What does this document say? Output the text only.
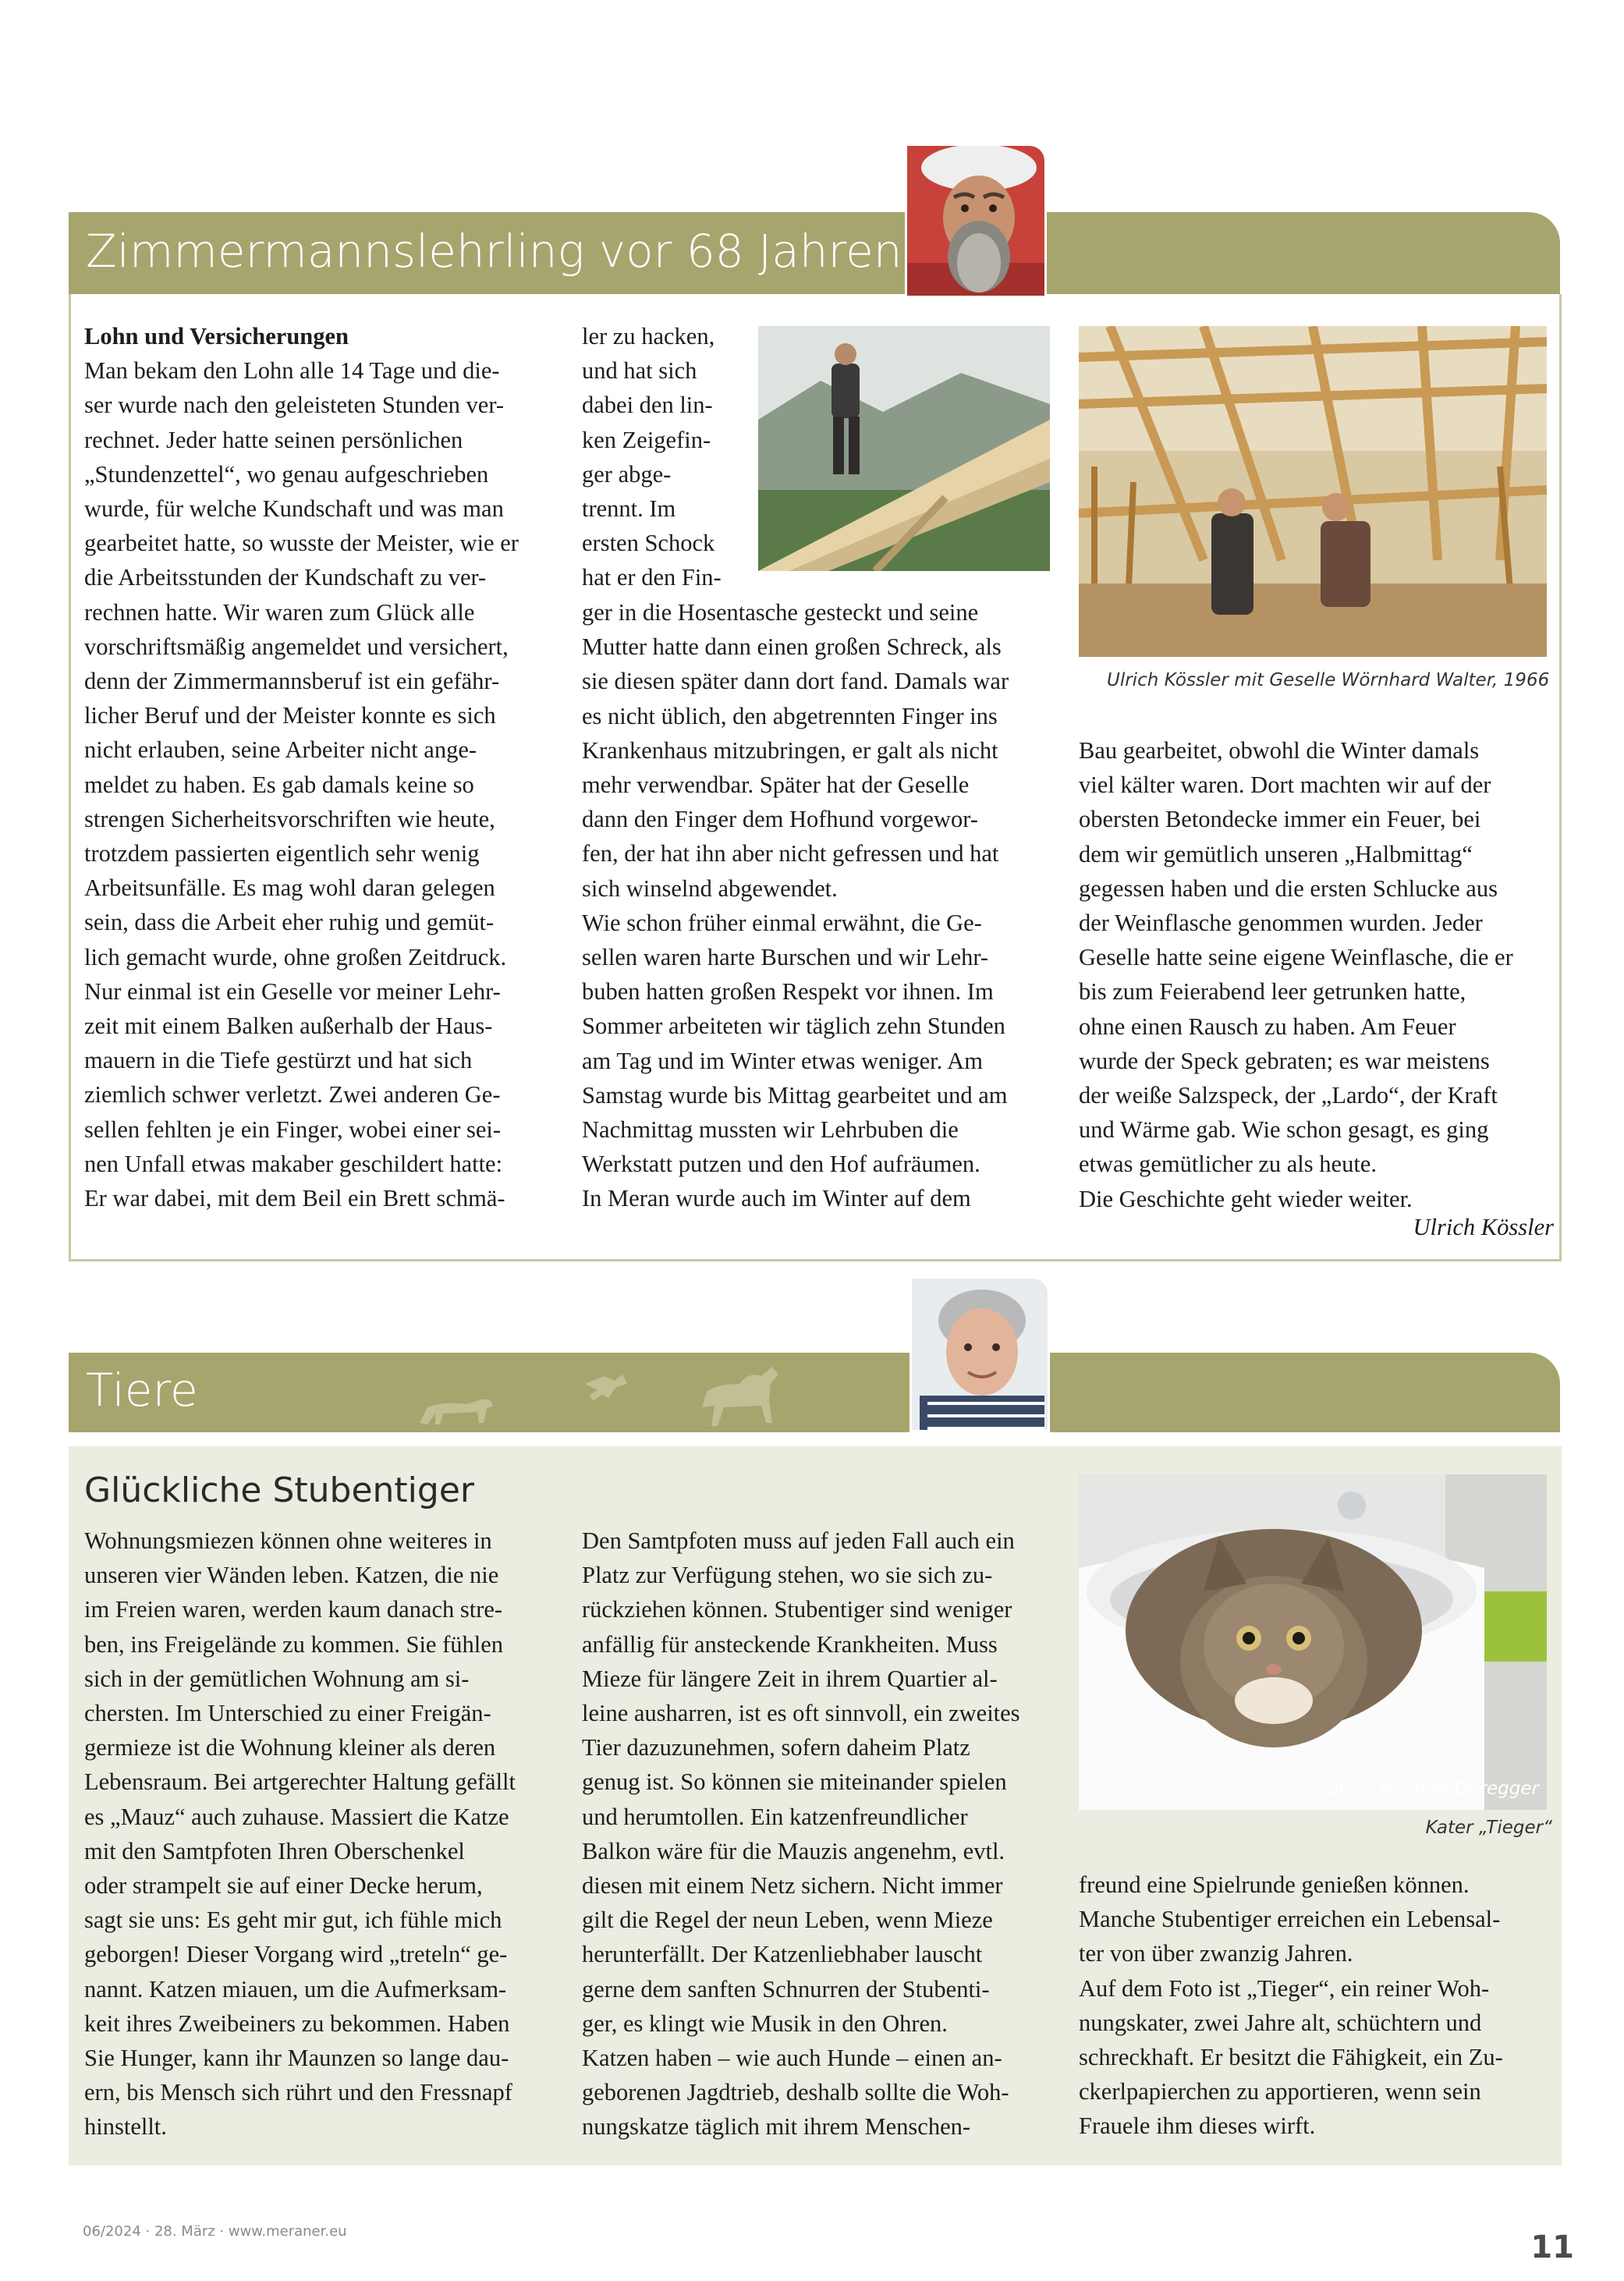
Zimmermannslehrling vor 68 Jahren

Lohn und Versicherungen

Man bekam den Lohn alle 14 Tage und die-

ser wurde nach den geleisteten Stunden ver-

rechnet. Jeder hatte seinen persönlichen

„Stundenzettel“, wo genau aufgeschrieben

wurde, für welche Kundschaft und was man

gearbeitet hatte, so wusste der Meister, wie er

die Arbeitsstunden der Kundschaft zu ver-

rechnen hatte. Wir waren zum Glück alle

vorschriftsmäßig angemeldet und versichert,

denn der Zimmermannsberuf ist ein gefähr-

licher Beruf und der Meister konnte es sich

nicht erlauben, seine Arbeiter nicht ange-

meldet zu haben. Es gab damals keine so

strengen Sicherheitsvorschriften wie heute,

trotzdem passierten eigentlich sehr wenig

Arbeitsunfälle. Es mag wohl daran gelegen

sein, dass die Arbeit eher ruhig und gemüt-

lich gemacht wurde, ohne großen Zeitdruck.

Nur einmal ist ein Geselle vor meiner Lehr-

zeit mit einem Balken außerhalb der Haus-

mauern in die Tiefe gestürzt und hat sich

ziemlich schwer verletzt. Zwei anderen Ge-

sellen fehlten je ein Finger, wobei einer sei-

nen Unfall etwas makaber geschildert hatte:

Er war dabei, mit dem Beil ein Brett schmä-

ler zu hacken,

und hat sich

dabei den lin-

ken Zeigefin-

ger abge-

trennt. Im

ersten Schock

hat er den Fin-

ger in die Hosentasche gesteckt und seine

Mutter hatte dann einen großen Schreck, als

sie diesen später dann dort fand. Damals war

es nicht üblich, den abgetrennten Finger ins

Krankenhaus mitzubringen, er galt als nicht

mehr verwendbar. Später hat der Geselle

dann den Finger dem Hofhund vorgewor-

fen, der hat ihn aber nicht gefressen und hat

sich winselnd abgewendet.

Wie schon früher einmal erwähnt, die Ge-

sellen waren harte Burschen und wir Lehr-

buben hatten großen Respekt vor ihnen. Im

Sommer arbeiteten wir täglich zehn Stunden

am Tag und im Winter etwas weniger. Am

Samstag wurde bis Mittag gearbeitet und am

Nachmittag mussten wir Lehrbuben die

Werkstatt putzen und den Hof aufräumen.

In Meran wurde auch im Winter auf dem

Ulrich Kössler mit Geselle Wörnhard Walter, 1966

Bau gearbeitet, obwohl die Winter damals

viel kälter waren. Dort machten wir auf der

obersten Betondecke immer ein Feuer, bei

dem wir gemütlich unseren „Halbmittag“

gegessen haben und die ersten Schlucke aus

der Weinflasche genommen wurden. Jeder

Geselle hatte seine eigene Weinflasche, die er

bis zum Feierabend leer getrunken hatte,

ohne einen Rausch zu haben. Am Feuer

wurde der Speck gebraten; es war meistens

der weiße Salzspeck, der „Lardo“, der Kraft

und Wärme gab. Wie schon gesagt, es ging

etwas gemütlicher zu als heute.

Die Geschichte geht wieder weiter.

Ulrich Kössler
Tiere
Glückliche Stubentiger

Wohnungsmiezen können ohne weiteres in

unseren vier Wänden leben. Katzen, die nie

im Freien waren, werden kaum danach stre-

ben, ins Freigelände zu kommen. Sie fühlen

sich in der gemütlichen Wohnung am si-

chersten. Im Unterschied zu einer Freigän-

germieze ist die Wohnung kleiner als deren

Lebensraum. Bei artgerechter Haltung gefällt

es „Mauz“ auch zuhause. Massiert die Katze

mit den Samtpfoten Ihren Oberschenkel

oder strampelt sie auf einer Decke herum,

sagt sie uns: Es geht mir gut, ich fühle mich

geborgen! Dieser Vorgang wird „treteln“ ge-

nannt. Katzen miauen, um die Aufmerksam-

keit ihres Zweibeiners zu bekommen. Haben

Sie Hunger, kann ihr Maunzen so lange dau-

ern, bis Mensch sich rührt und den Fressnapf

hinstellt.

Den Samtpfoten muss auf jeden Fall auch ein

Platz zur Verfügung stehen, wo sie sich zu-

rückziehen können. Stubentiger sind weniger

anfällig für ansteckende Krankheiten. Muss

Mieze für längere Zeit in ihrem Quartier al-

leine ausharren, ist es oft sinnvoll, ein zweites

Tier dazuzunehmen, sofern daheim Platz

genug ist. So können sie miteinander spielen

und herumtollen. Ein katzenfreundlicher

Balkon wäre für die Mauzis angenehm, evtl.

diesen mit einem Netz sichern. Nicht immer

gilt die Regel der neun Leben, wenn Mieze

herunterfällt. Der Katzenliebhaber lauscht

gerne dem sanften Schnurren der Stubenti-

ger, es klingt wie Musik in den Ohren.

Katzen haben – wie auch Hunde – einen an-

geborenen Jagdtrieb, deshalb sollte die Woh-

nungskatze täglich mit ihrem Menschen-

Foto: Christine Duregger
Kater „Tieger“

freund eine Spielrunde genießen können.

Manche Stubentiger erreichen ein Lebensal-

ter von über zwanzig Jahren.

Auf dem Foto ist „Tieger“, ein reiner Woh-

nungskater, zwei Jahre alt, schüchtern und

schreckhaft. Er besitzt die Fähigkeit, ein Zu-

ckerlpapierchen zu apportieren, wenn sein

Frauele ihm dieses wirft.

06/2024 · 28. März · www.meraner.eu	11
